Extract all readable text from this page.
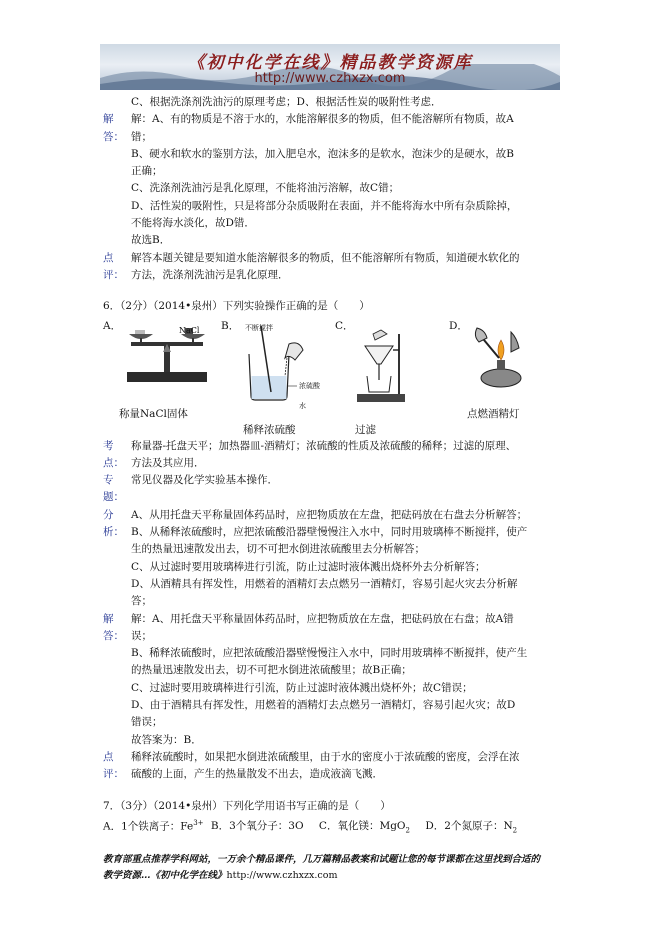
《初中化学在线》精品教学资源库
http://www.czhxzx.com
C、根据洗涤剂洗油污的原理考虑；D、根据活性炭的吸附性考虑．
解答：
解：A、有的物质是不溶于水的，水能溶解很多的物质，但不能溶解所有物质，故A
错；
B、硬水和软水的鉴别方法，加入肥皂水，泡沫多的是软水，泡沫少的是硬水，故B
正确；
C、洗涤剂洗油污是乳化原理，不能将油污溶解，故C错；
D、活性炭的吸附性，只是将部分杂质吸附在表面，并不能将海水中所有杂质除掉，
不能将海水淡化，故D错．
故选B．
点评：
解答本题关键是要知道水能溶解很多的物质，但不能溶解所有物质，知道硬水软化的
方法，洗涤剂洗油污是乳化原理．
6．（2分）（2014•泉州）下列实验操作正确的是（　　）
A．	B．	C．	D．
NaCl	不断搅拌
浓硫酸
水
称量NaCl固体
稀释浓硫酸	过滤
点燃酒精灯
考点：
称量器-托盘天平；加热器皿-酒精灯；浓硫酸的性质及浓硫酸的稀释；过滤的原理、
方法及其应用．
专题：
常见仪器及化学实验基本操作．
分析：
A、从用托盘天平称量固体药品时，应把物质放在左盘，把砝码放在右盘去分析解答；
B、从稀释浓硫酸时，应把浓硫酸沿器壁慢慢注入水中，同时用玻璃棒不断搅拌，使产
生的热量迅速散发出去，切不可把水倒进浓硫酸里去分析解答；
C、从过滤时要用玻璃棒进行引流，防止过滤时液体溅出烧杯外去分析解答；
D、从酒精具有挥发性，用燃着的酒精灯去点燃另一酒精灯，容易引起火灾去分析解
答；
解答：
解：A、用托盘天平称量固体药品时，应把物质放在左盘，把砝码放在右盘；故A错
误；
B、稀释浓硫酸时，应把浓硫酸沿器壁慢慢注入水中，同时用玻璃棒不断搅拌，使产生
的热量迅速散发出去，切不可把水倒进浓硫酸里；故B正确；
C、过滤时要用玻璃棒进行引流，防止过滤时液体溅出烧杯外；故C错误；
D、由于酒精具有挥发性，用燃着的酒精灯去点燃另一酒精灯，容易引起火灾；故D
错误；
故答案为：B．
点评：
稀释浓硫酸时，如果把水倒进浓硫酸里，由于水的密度小于浓硫酸的密度，会浮在浓
硫酸的上面，产生的热量散发不出去，造成液滴飞溅．
7．（3分）（2014•泉州）下列化学用语书写正确的是（　　）
A．1个铁离子：$Fe^{3+}$ B．3个氧分子：3O C．氧化镁：MgO$_2$ D．2个氮原子：$N_2$
教育部重点推荐学科网站，一万余个精品课件，几万篇精品教案和试题让您的每节课都在这里找到合适的
教学资源…《初中化学在线》http://www.czhxzx.com
